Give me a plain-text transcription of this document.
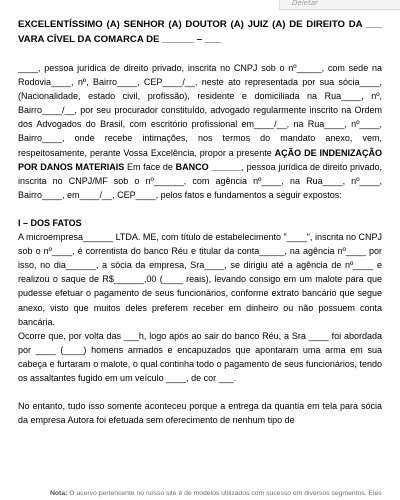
Deletar

EXCELENTÍSSIMO (A) SENHOR (A) DOUTOR (A) JUIZ (A) DE DIREITO DA ___ VARA CÍVEL DA COMARCA DE ______ – ___

____, pessoa jurídica de direito privado, inscrita no CNPJ sob o nº_____, com sede na Rodovia____, nº, Bairro____, CEP____/__, neste ato representada por sua sócia____, (Nacionalidade, estado civil, profissão), residente e domiciliada na Rua____, nº, Bairro____/__, por seu procurador constituído, advogado regularmente inscrito na Ordem dos Advogados do Brasil, com escritório profissional em____/__, na Rua____, nº____, Bairro____, onde recebe intimações, nos termos do mandato anexo, vem, respeitosamente, perante Vossa Excelência, propor a presente AÇÃO DE INDENIZAÇÃO POR DANOS MATERIAIS Em face de BANCO ______, pessoa jurídica de direito privado, inscrita no CNPJ/MF sob o nº______, com agência nº____, na Rua____, nº____, Bairro____, em____/__, CEP____, pelos fatos e fundamentos a seguir expostos:

I – DOS FATOS

A microempresa______ LTDA. ME, com título de estabelecimento "____", inscrita no CNPJ sob o nº____, é correntista do banco Réu e titular da conta_____, na agência nº____ por isso, no dia______, a sócia da empresa, Sra____, se dirigiu até a agência de nº____ e realizou o saque de R$______,00 (____ reais), levando consigo em um malote para que pudesse efetuar o pagamento de seus funcionários, conforme extrato bancário que segue anexo, visto que muitos deles preferem receber em dinheiro ou não possuem conta bancária.

Ocorre que, por volta das ___h, logo após ao sair do banco Réu, a Sra ____ foi abordada por ____ (____) homens armados e encapuzados que apontaram uma arma em sua cabeça e furtaram o malote, o qual continha todo o pagamento de seus funcionários, tendo os assaltantes fugido em um veículo ____, de cor ___.

No entanto, tudo isso somente aconteceu porque a entrega da quantia em tela para sócia da empresa Autora foi efetuada sem oferecimento de nenhum tipo de

Nota: O acervo pertencente no nosso site é de modelos utilizados com sucesso em diversos segmentos. Eles
